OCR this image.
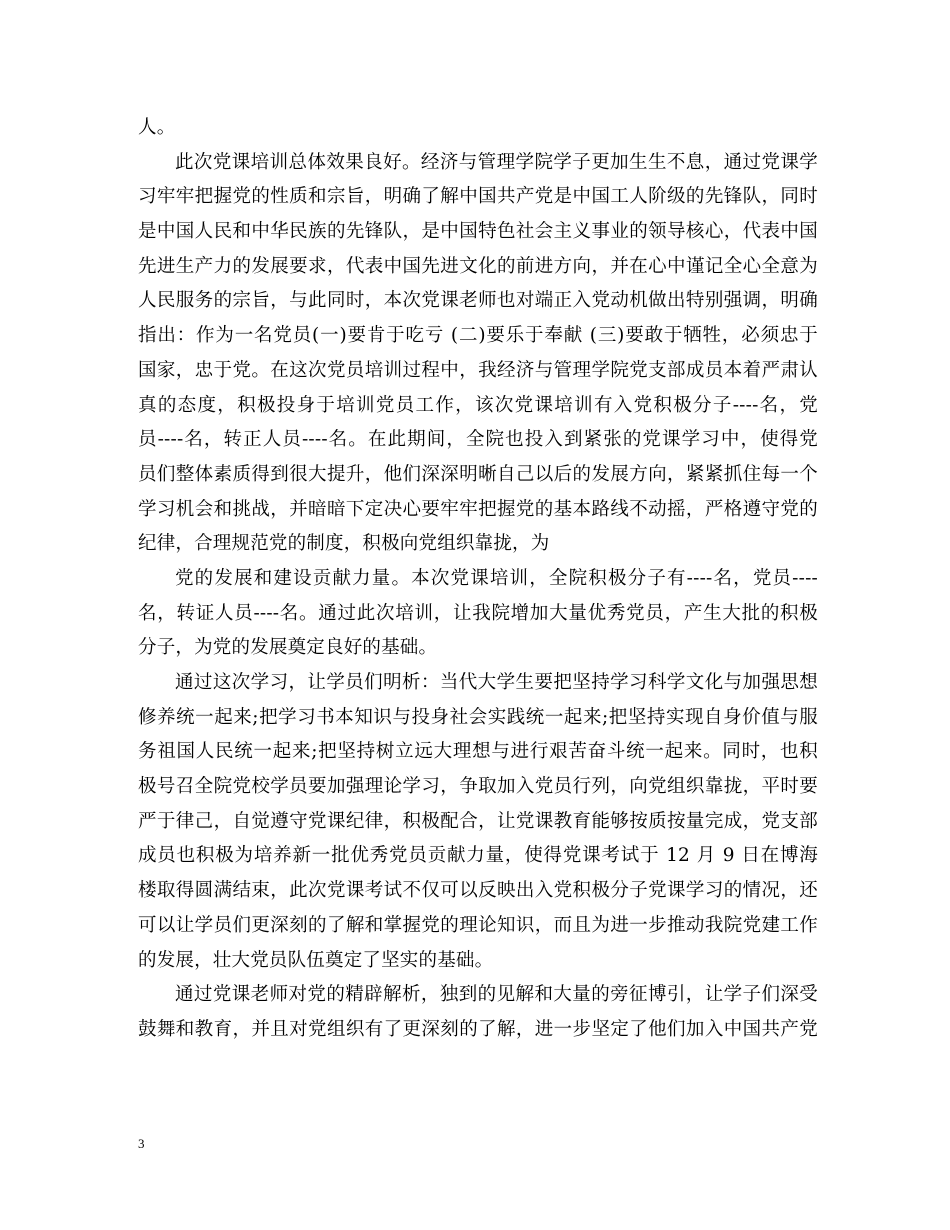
人。
此次党课培训总体效果良好。经济与管理学院学子更加生生不息，通过党课学
习牢牢把握党的性质和宗旨，明确了解中国共产党是中国工人阶级的先锋队，同时
是中国人民和中华民族的先锋队，是中国特色社会主义事业的领导核心，代表中国
先进生产力的发展要求，代表中国先进文化的前进方向，并在心中谨记全心全意为
人民服务的宗旨，与此同时，本次党课老师也对端正入党动机做出特别强调，明确
指出：作为一名党员(一)要肯于吃亏 (二)要乐于奉献 (三)要敢于牺牲，必须忠于
国家，忠于党。在这次党员培训过程中，我经济与管理学院党支部成员本着严肃认
真的态度，积极投身于培训党员工作，该次党课培训有入党积极分子----名，党
员----名，转正人员----名。在此期间，全院也投入到紧张的党课学习中，使得党
员们整体素质得到很大提升，他们深深明晰自己以后的发展方向，紧紧抓住每一个
学习机会和挑战，并暗暗下定决心要牢牢把握党的基本路线不动摇，严格遵守党的
纪律，合理规范党的制度，积极向党组织靠拢，为
党的发展和建设贡献力量。本次党课培训，全院积极分子有----名，党员----
名，转证人员----名。通过此次培训，让我院增加大量优秀党员，产生大批的积极
分子，为党的发展奠定良好的基础。
通过这次学习，让学员们明析：当代大学生要把坚持学习科学文化与加强思想
修养统一起来;把学习书本知识与投身社会实践统一起来;把坚持实现自身价值与服
务祖国人民统一起来;把坚持树立远大理想与进行艰苦奋斗统一起来。同时，也积
极号召全院党校学员要加强理论学习，争取加入党员行列，向党组织靠拢，平时要
严于律己，自觉遵守党课纪律，积极配合，让党课教育能够按质按量完成，党支部
成员也积极为培养新一批优秀党员贡献力量，使得党课考试于 12 月 9 日在博海
楼取得圆满结束，此次党课考试不仅可以反映出入党积极分子党课学习的情况，还
可以让学员们更深刻的了解和掌握党的理论知识，而且为进一步推动我院党建工作
的发展，壮大党员队伍奠定了坚实的基础。
通过党课老师对党的精辟解析，独到的见解和大量的旁征博引，让学子们深受
鼓舞和教育，并且对党组织有了更深刻的了解，进一步坚定了他们加入中国共产党
3
